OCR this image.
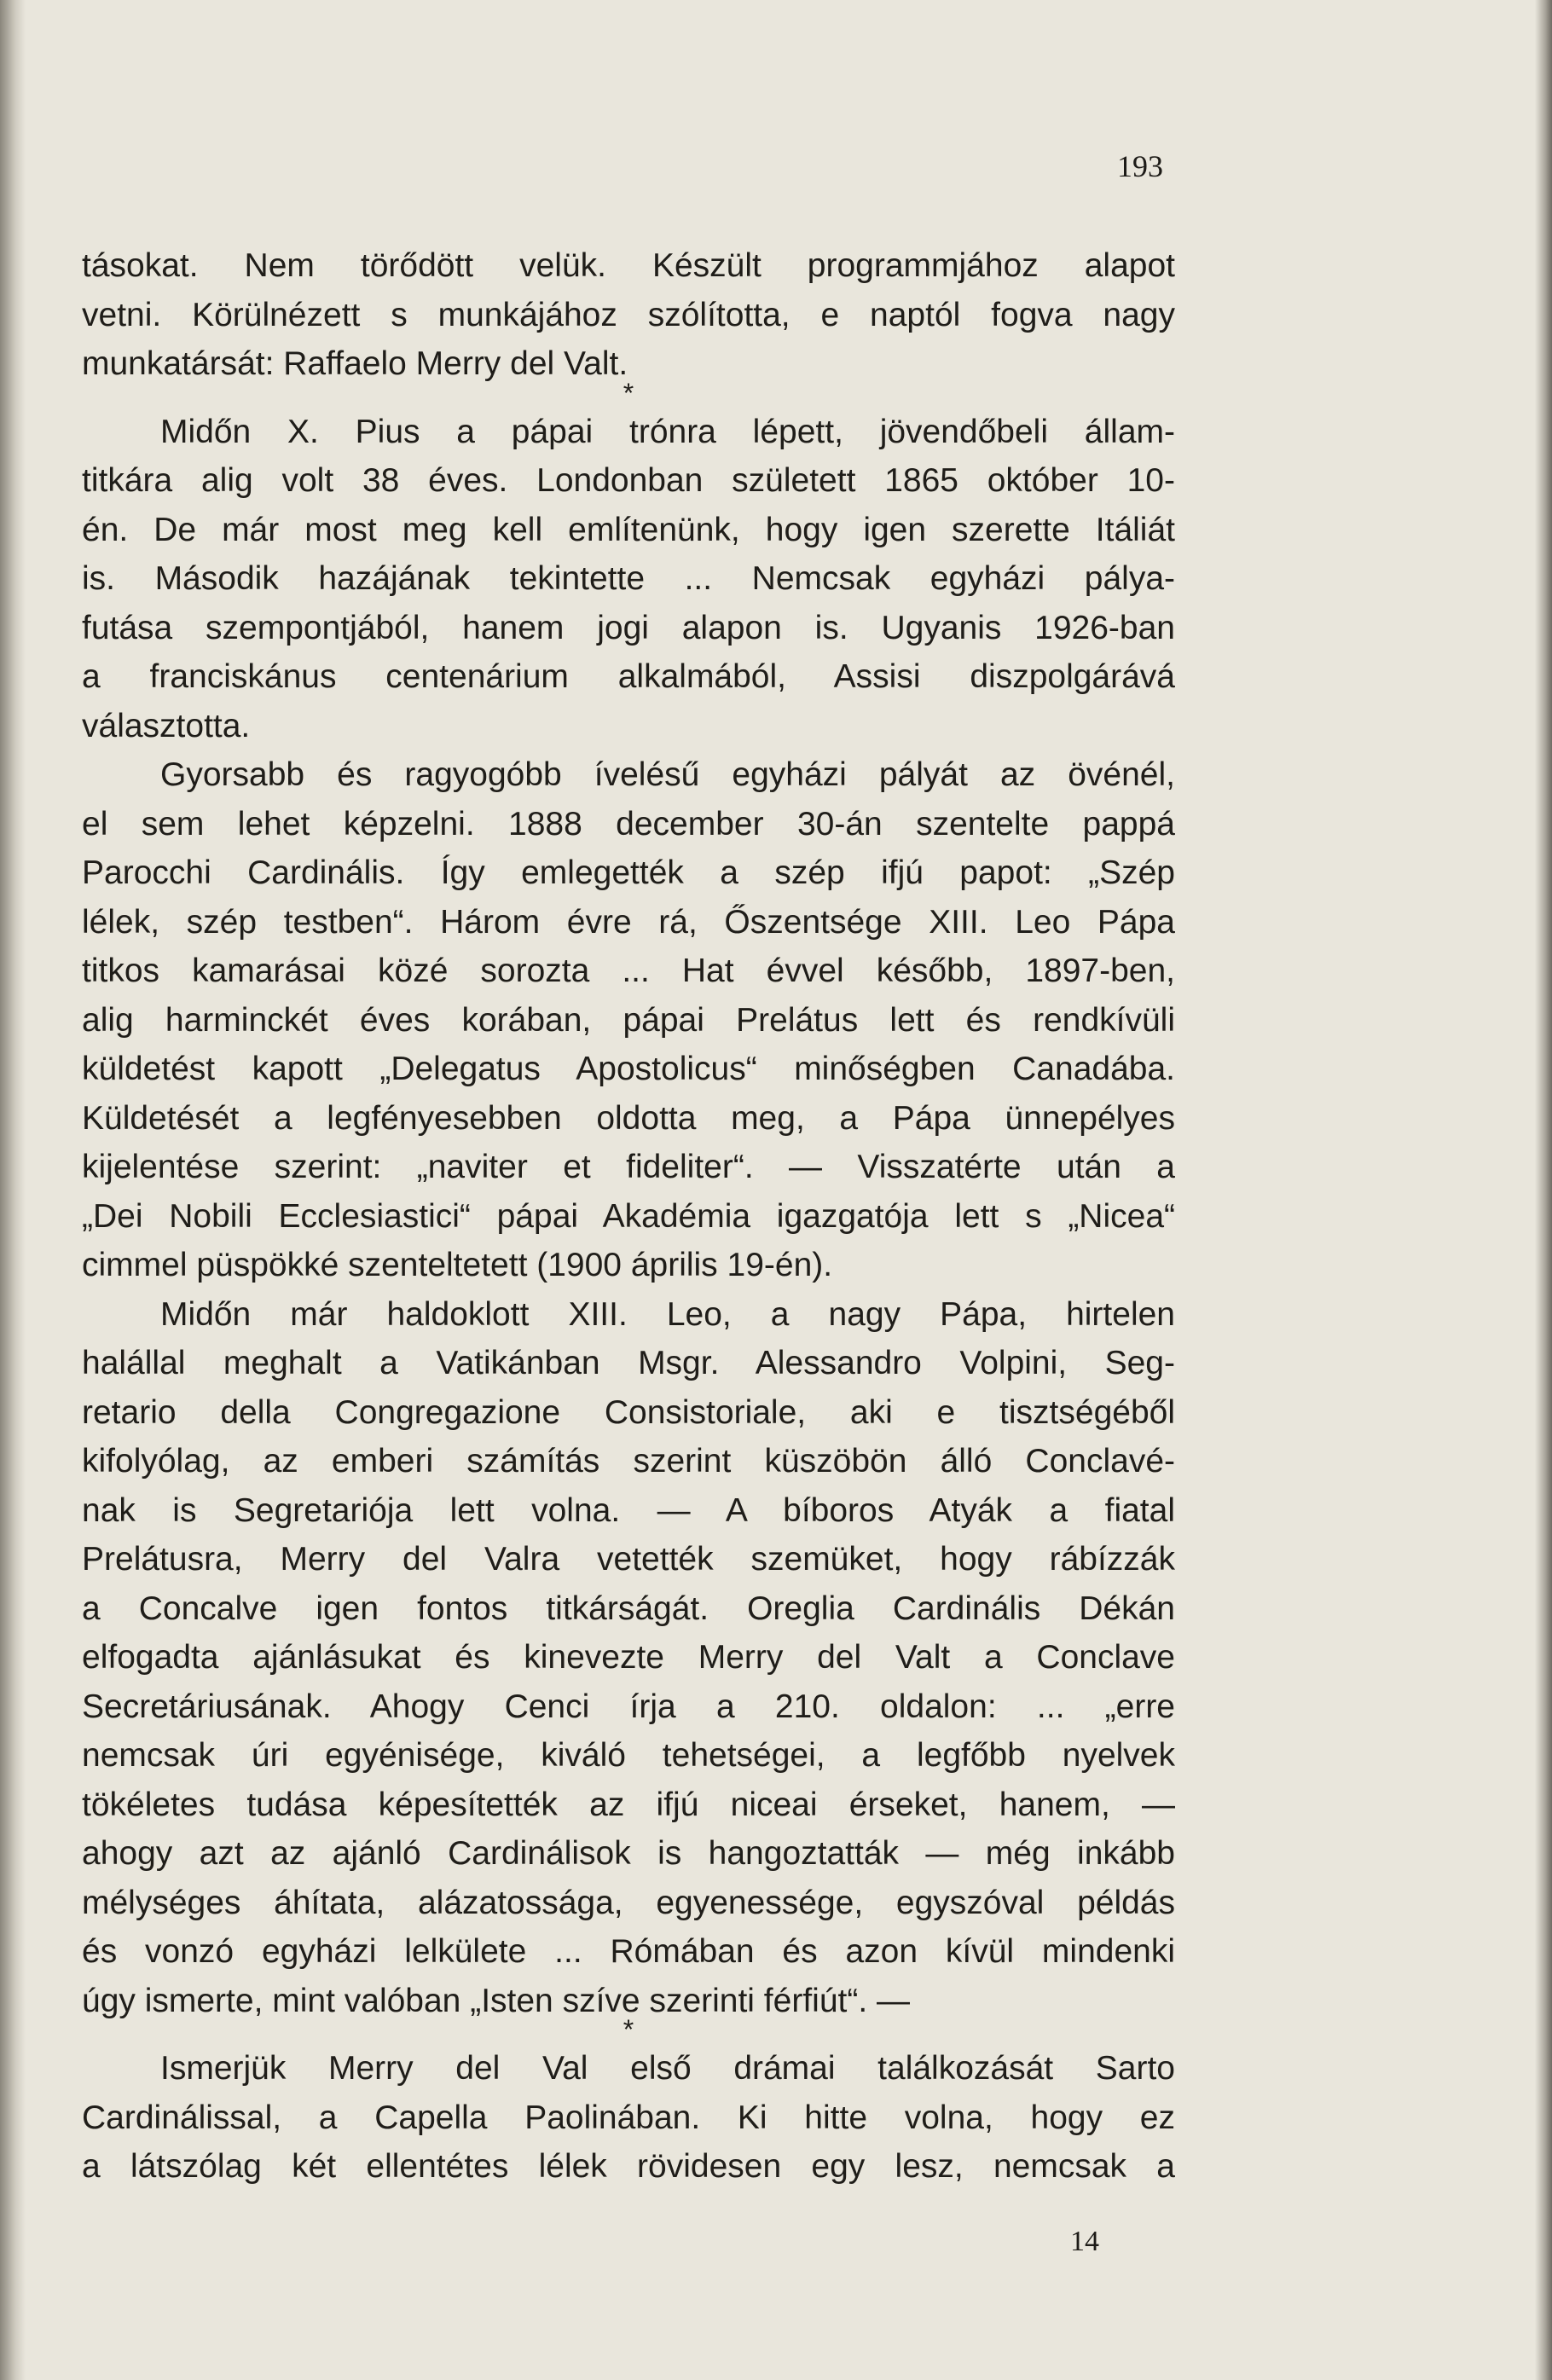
193
tásokat. Nem törődött velük. Készült programmjához alapot
vetni. Körülnézett s munkájához szólította, e naptól fogva nagy
munkatársát: Raffaelo Merry del Valt.
*
Midőn X. Pius a pápai trónra lépett, jövendőbeli állam-
titkára alig volt 38 éves. Londonban született 1865 október 10-
én. De már most meg kell említenünk, hogy igen szerette Itáliát
is. Második hazájának tekintette ... Nemcsak egyházi pálya-
futása szempontjából, hanem jogi alapon is. Ugyanis 1926-ban
a franciskánus centenárium alkalmából, Assisi diszpolgárává
választotta.
Gyorsabb és ragyogóbb ívelésű egyházi pályát az övénél,
el sem lehet képzelni. 1888 december 30-án szentelte pappá
Parocchi Cardinális. Így emlegették a szép ifjú papot: „Szép
lélek, szép testben“. Három évre rá, Őszentsége XIII. Leo Pápa
titkos kamarásai közé sorozta ... Hat évvel később, 1897-ben,
alig harminckét éves korában, pápai Prelátus lett és rendkívüli
küldetést kapott „Delegatus Apostolicus“ minőségben Canadába.
Küldetését a legfényesebben oldotta meg, a Pápa ünnepélyes
kijelentése szerint: „naviter et fideliter“. — Visszatérte után a
„Dei Nobili Ecclesiastici“ pápai Akadémia igazgatója lett s „Nicea“
cimmel püspökké szenteltetett (1900 április 19-én).
Midőn már haldoklott XIII. Leo, a nagy Pápa, hirtelen
halállal meghalt a Vatikánban Msgr. Alessandro Volpini, Seg-
retario della Congregazione Consistoriale, aki e tisztségéből
kifolyólag, az emberi számítás szerint küszöbön álló Conclavé-
nak is Segretariója lett volna. — A bíboros Atyák a fiatal
Prelátusra, Merry del Valra vetették szemüket, hogy rábízzák
a Concalve igen fontos titkárságát. Oreglia Cardinális Dékán
elfogadta ajánlásukat és kinevezte Merry del Valt a Conclave
Secretáriusának. Ahogy Cenci írja a 210. oldalon: ... „erre
nemcsak úri egyénisége, kiváló tehetségei, a legfőbb nyelvek
tökéletes tudása képesítették az ifjú niceai érseket, hanem, —
ahogy azt az ajánló Cardinálisok is hangoztatták — még inkább
mélységes áhítata, alázatossága, egyenessége, egyszóval példás
és vonzó egyházi lelkülete ... Rómában és azon kívül mindenki
úgy ismerte, mint valóban „Isten szíve szerinti férfiút“. —
*
Ismerjük Merry del Val első drámai találkozását Sarto
Cardinálissal, a Capella Paolinában. Ki hitte volna, hogy ez
a látszólag két ellentétes lélek rövidesen egy lesz, nemcsak a
14
